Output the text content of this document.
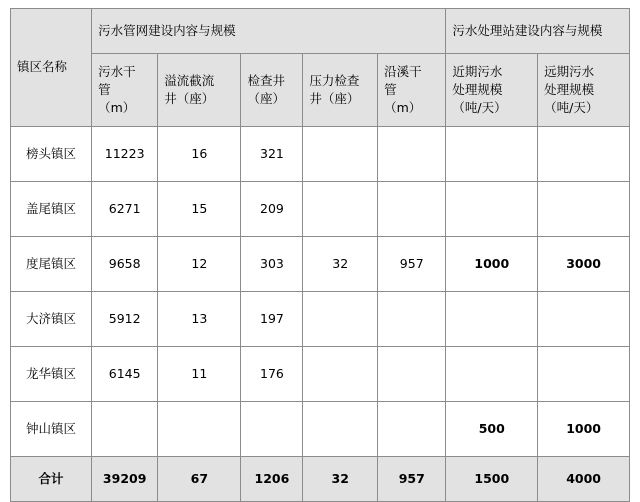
镇区名称	污水管网建设内容与规模					污水处理站建设内容与规模	
	污水干
管
（m）	溢流截流
井（座）	检查井
（座）	压力检查
井（座）	沿溪干
管
（m）	近期污水
处理规模
（吨/天）	远期污水
处理规模
（吨/天）
榜头镇区	11223	16	321				
盖尾镇区	6271	15	209				
度尾镇区	9658	12	303	32	957	1000	3000
大济镇区	5912	13	197				
龙华镇区	6145	11	176				
钟山镇区						500	1000
合计	39209	67	1206	32	957	1500	4000
